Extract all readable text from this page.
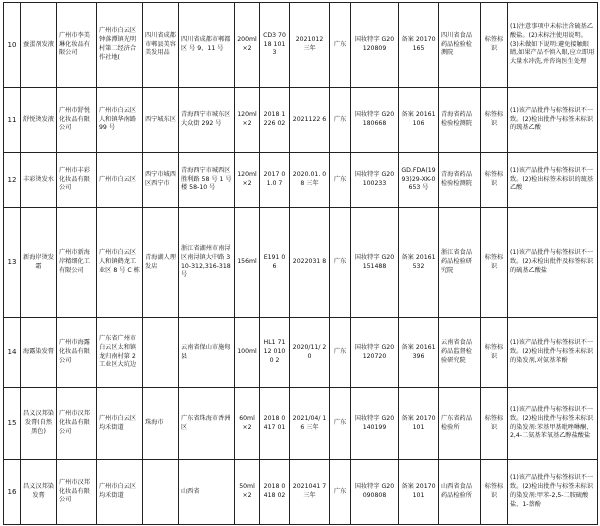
10	蚕蛋剂发液	广州市李美琳化妆品有限公司	广州市白云区钟落潭镇光明村第二经济合作社地(	四川省成都市郫县美容美发用品	四川省成都市郫都区 号 9、11 号	200ml ×2	CD3 7018 1013	2021012 三年	广东	国妆特字 G20120809	备案 20170165	四川省食品药品检验检测院	标签标识	(1)注意事项中未标注含硫基乙酸盐。(2)未标注使用说明。(3)未做如下说明:避免接触眼睛,如果产品不慎入眼,应立即用大量水冲洗,并咨询医生处理
11	舒悦烫发液	广州市舒悦化妆品有限公司	广州市白云区人和镇华南路 99 号	西宁城东区	青海西宁市城东区大众街 292 号	120ml ×2	2018 1226 02	2021122 6	广东	国妆特字 G20180668	备案 20161106	青海省药品检验检测院	标签标识	(1)该产品批件与标签标识不一致。(2)检出批件与标签未标识的巯基乙酸
12	丰彩烫发水	广州市丰彩化妆品有限公司	广州市白云区	西宁市城西区西宁市	青海西宁市城西区胜利路 58 号 1 号楼 58-10 号	120ml ×2	2017 01.0 7	2020.01. 08 三年	广东	国妆特字 G20100233	GD.FDA(1993)29-XK-0653 号	青海省药品检验检测院	标签标识	(1)该产品批件与标签标识不一致。(2)检出标签未标识的巯基乙酸
13	新海岸烫发霜	广州市新海岸精细化工有限公司	广州市白云区人和镇鹤龙工业区 8 号 C 栋	青海湖人理发店	浙江省湖州市南浔区南浔镇大中路 310-312,316-318 号	156ml	E191 06	2022031 8	广东	国妆特字 G20151488	备案 20161532	浙江省食品药品检验研究院	标签标识	(1)该产品批件与标签标识不一致。(2)未检出批件及标签标识的硫基乙酸盐
14	海露染发膏	广州市海露化妆品有限公司	广东省广州市白云区太和镇龙归南村第 2 工业区大坑边		云南省保山市施甸县	100ml	HL1 7112 0100 2	2020/11/ 20	广东	国妆特字 G20120720	备案 20161396	云南省食品药品监督检验研究院	标签标识	(1)该产品批件与标签标识不一致。(2)检出批件与标签未标识的染发剂,对氨基苯酚
15	昌义汉邦染发膏(自然黑色)	广州市汉邦化妆品有限公司	广州市白云区均禾街道	珠海市	广东省珠海市香洲区	60ml ×2	2018 0417 01	2021/04/ 16 三年	广东	国妆特字 G20140199	备案 20170101	广东省药品检验所	标签标识	(1)该产品批件与标签标识不一致。(2)检出批件与标签未标识的染发剂:苯基甲基吡唑啉酮、2,4-二氨基苯氧基乙醇盐酸盐
16	昌义汉邦染发膏	广州市汉邦化妆品有限公司	广州市白云区均禾街道		山西省	50ml ×2	2018 0418 02	2021041 7 三年	广东	国妆特字 G20090808	备案 20170101	山西省食品药品检验所	标签标识	(1)该产品批件与标签标识不一致。(2)检出批件与标签未标识的染发剂:甲苯-2,5-二胺硫酸盐、1-萘酚
